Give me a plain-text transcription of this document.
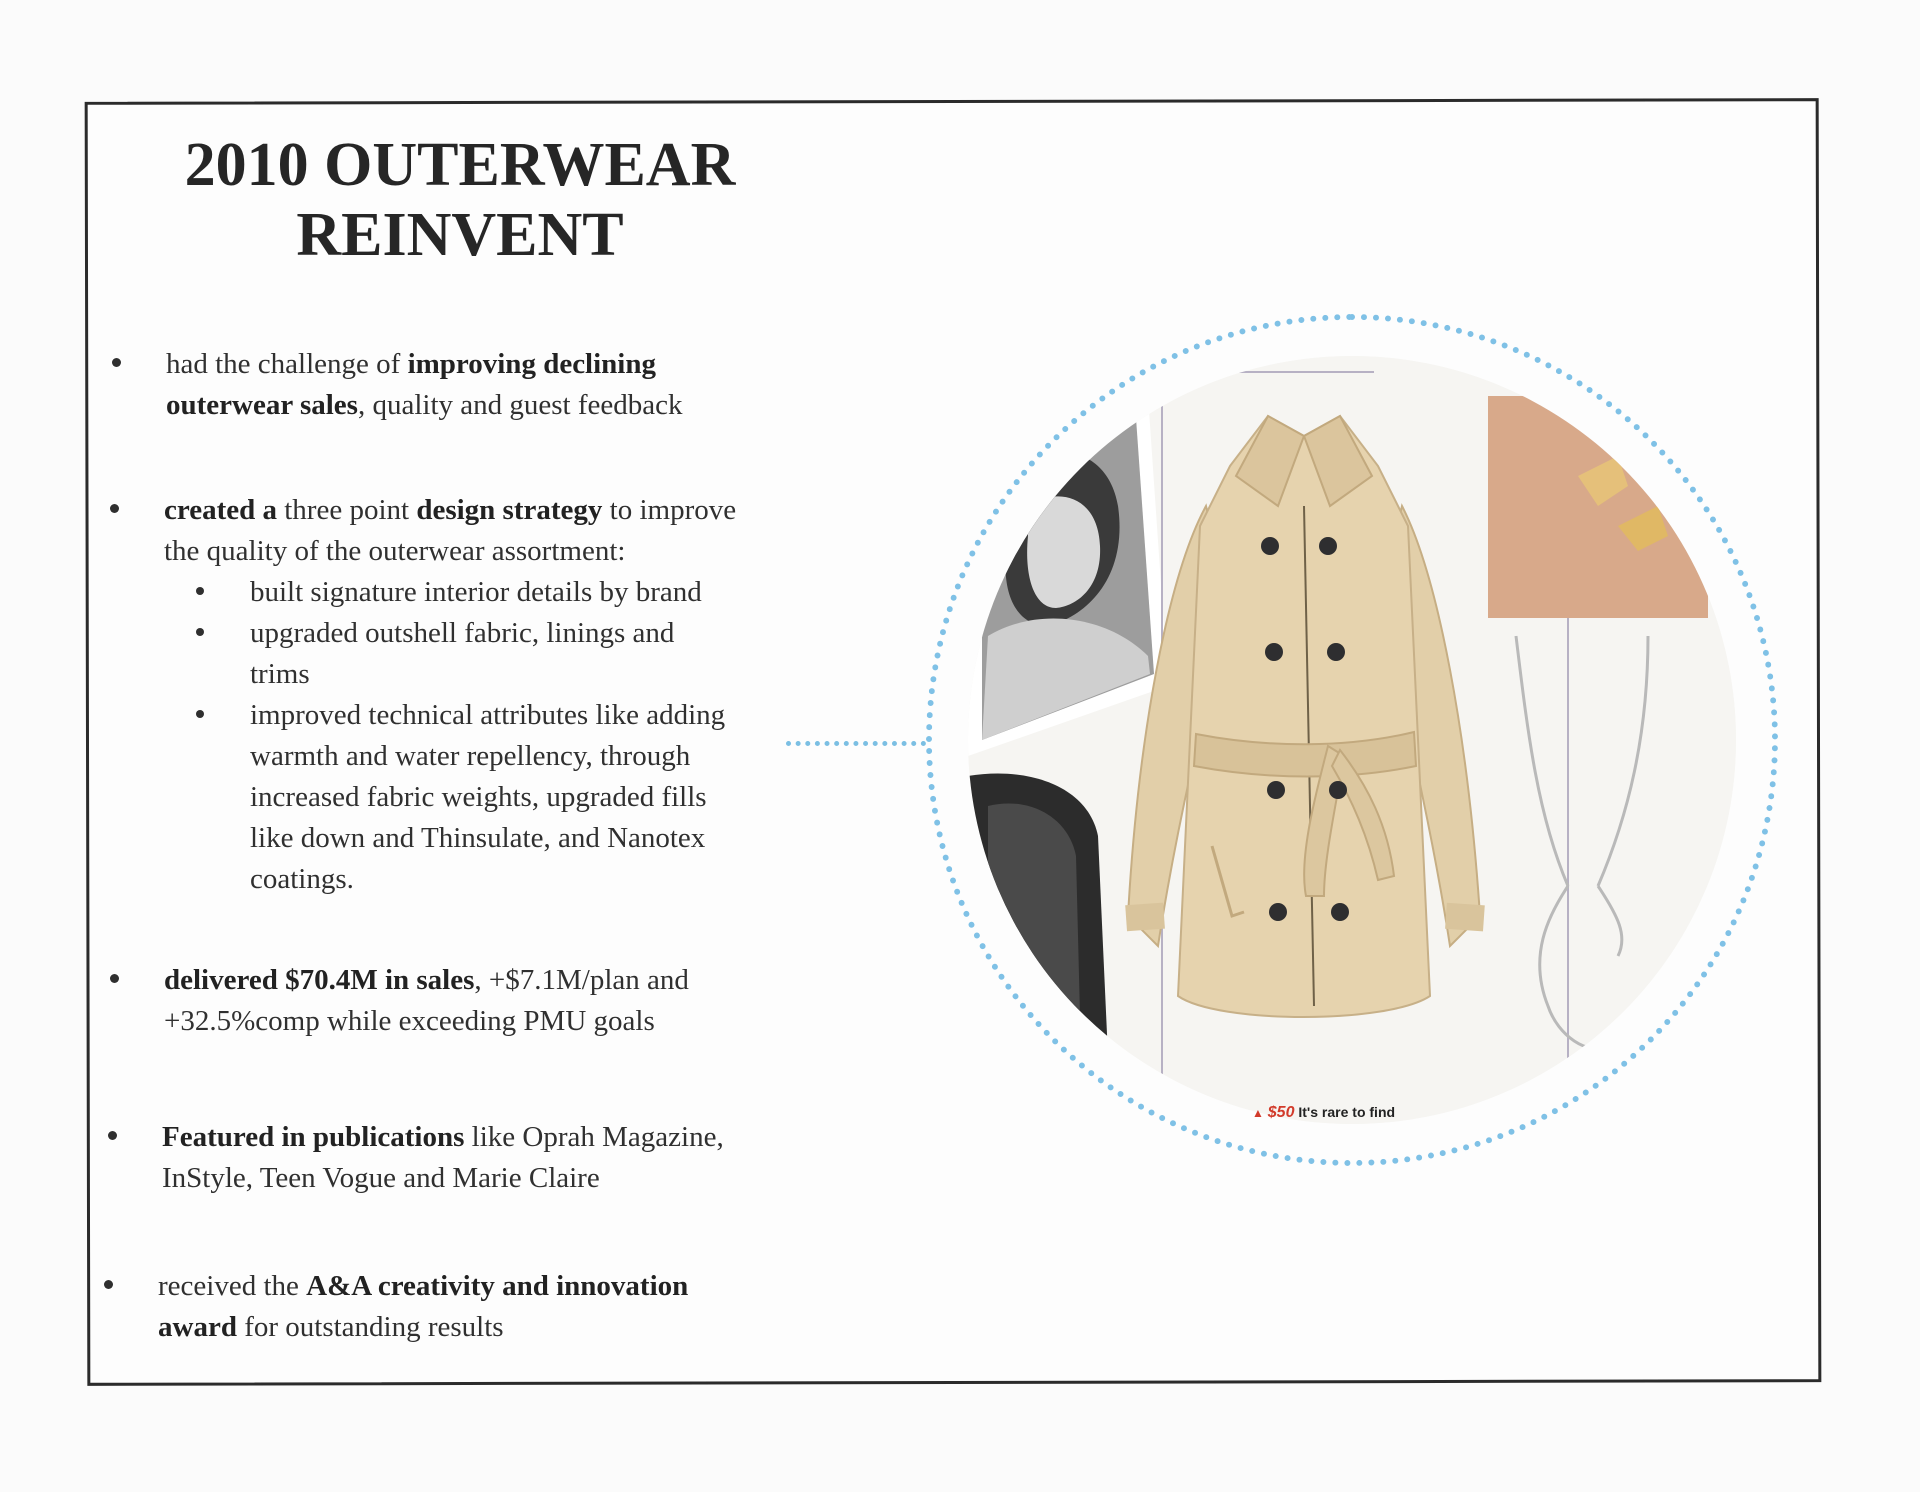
2010 OUTERWEAR
REINVENT
had the challenge of improving declining
outerwear sales, quality and guest feedback
created a three point design strategy to improve
the quality of the outerwear assortment:
built signature interior details by brand
upgraded outshell fabric, linings and
trims
improved technical attributes like adding
warmth and water repellency, through
increased fabric weights, upgraded fills
like down and Thinsulate, and Nanotex
coatings.
delivered $70.4M in sales, +$7.1M/plan and
+32.5%comp while exceeding PMU goals
Featured in publications like Oprah Magazine,
InStyle, Teen Vogue and Marie Claire
received the A&A creativity and innovation
award for outstanding results
▲ $50 It's rare to find
